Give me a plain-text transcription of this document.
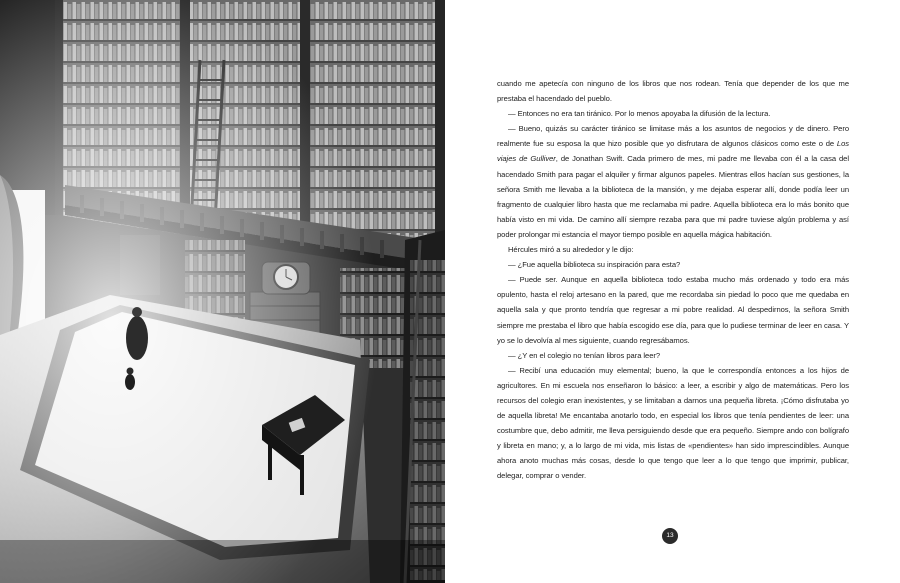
cuando me apetecía con ninguno de los libros que nos rodean. Tenía que depender de los que me prestaba el hacendado del pueblo.

— Entonces no era tan tiránico. Por lo menos apoyaba la difusión de la lectura.

— Bueno, quizás su carácter tiránico se limitase más a los asuntos de negocios y de dinero. Pero realmente fue su esposa la que hizo posible que yo disfrutara de algunos clásicos como este o de Los viajes de Gulliver, de Jonathan Swift. Cada primero de mes, mi padre me llevaba con él a la casa del hacendado Smith para pagar el alquiler y firmar algunos papeles. Mientras ellos hacían sus gestiones, la señora Smith me llevaba a la biblioteca de la mansión, y me dejaba esperar allí, donde podía leer un fragmento de cualquier libro hasta que me reclamaba mi padre. Aquella biblioteca era lo más bonito que había visto en mi vida. De camino allí siempre rezaba para que mi padre tuviese algún problema y así poder prolongar mi estancia el mayor tiempo posible en aquella mágica habitación.

Hércules miró a su alrededor y le dijo:

— ¿Fue aquella biblioteca su inspiración para esta?

— Puede ser. Aunque en aquella biblioteca todo estaba mucho más ordenado y todo era más opulento, hasta el reloj artesano en la pared, que me recordaba sin piedad lo poco que me quedaba en aquella sala y que pronto tendría que regresar a mi pobre realidad. Al despedirnos, la señora Smith siempre me prestaba el libro que había escogido ese día, para que lo pudiese terminar de leer en casa. Y yo se lo devolvía al mes siguiente, cuando regresábamos.

— ¿Y en el colegio no tenían libros para leer?

— Recibí una educación muy elemental; bueno, la que le correspondía entonces a los hijos de agricultores. En mi escuela nos enseñaron lo básico: a leer, a escribir y algo de matemáticas. Pero los recursos del colegio eran inexistentes, y se limitaban a darnos una pequeña libreta. ¡Cómo disfrutaba yo de aquella libreta! Me encantaba anotarlo todo, en especial los libros que tenía pendientes de leer: una costumbre que, debo admitir, me lleva persiguiendo desde que era pequeño. Siempre ando con bolígrafo y libreta en mano; y, a lo largo de mi vida, mis listas de «pendientes» han sido imprescindibles. Aunque ahora anoto muchas más cosas, desde lo que tengo que leer a lo que tengo que imprimir, publicar, delegar, comprar o vender.

13
